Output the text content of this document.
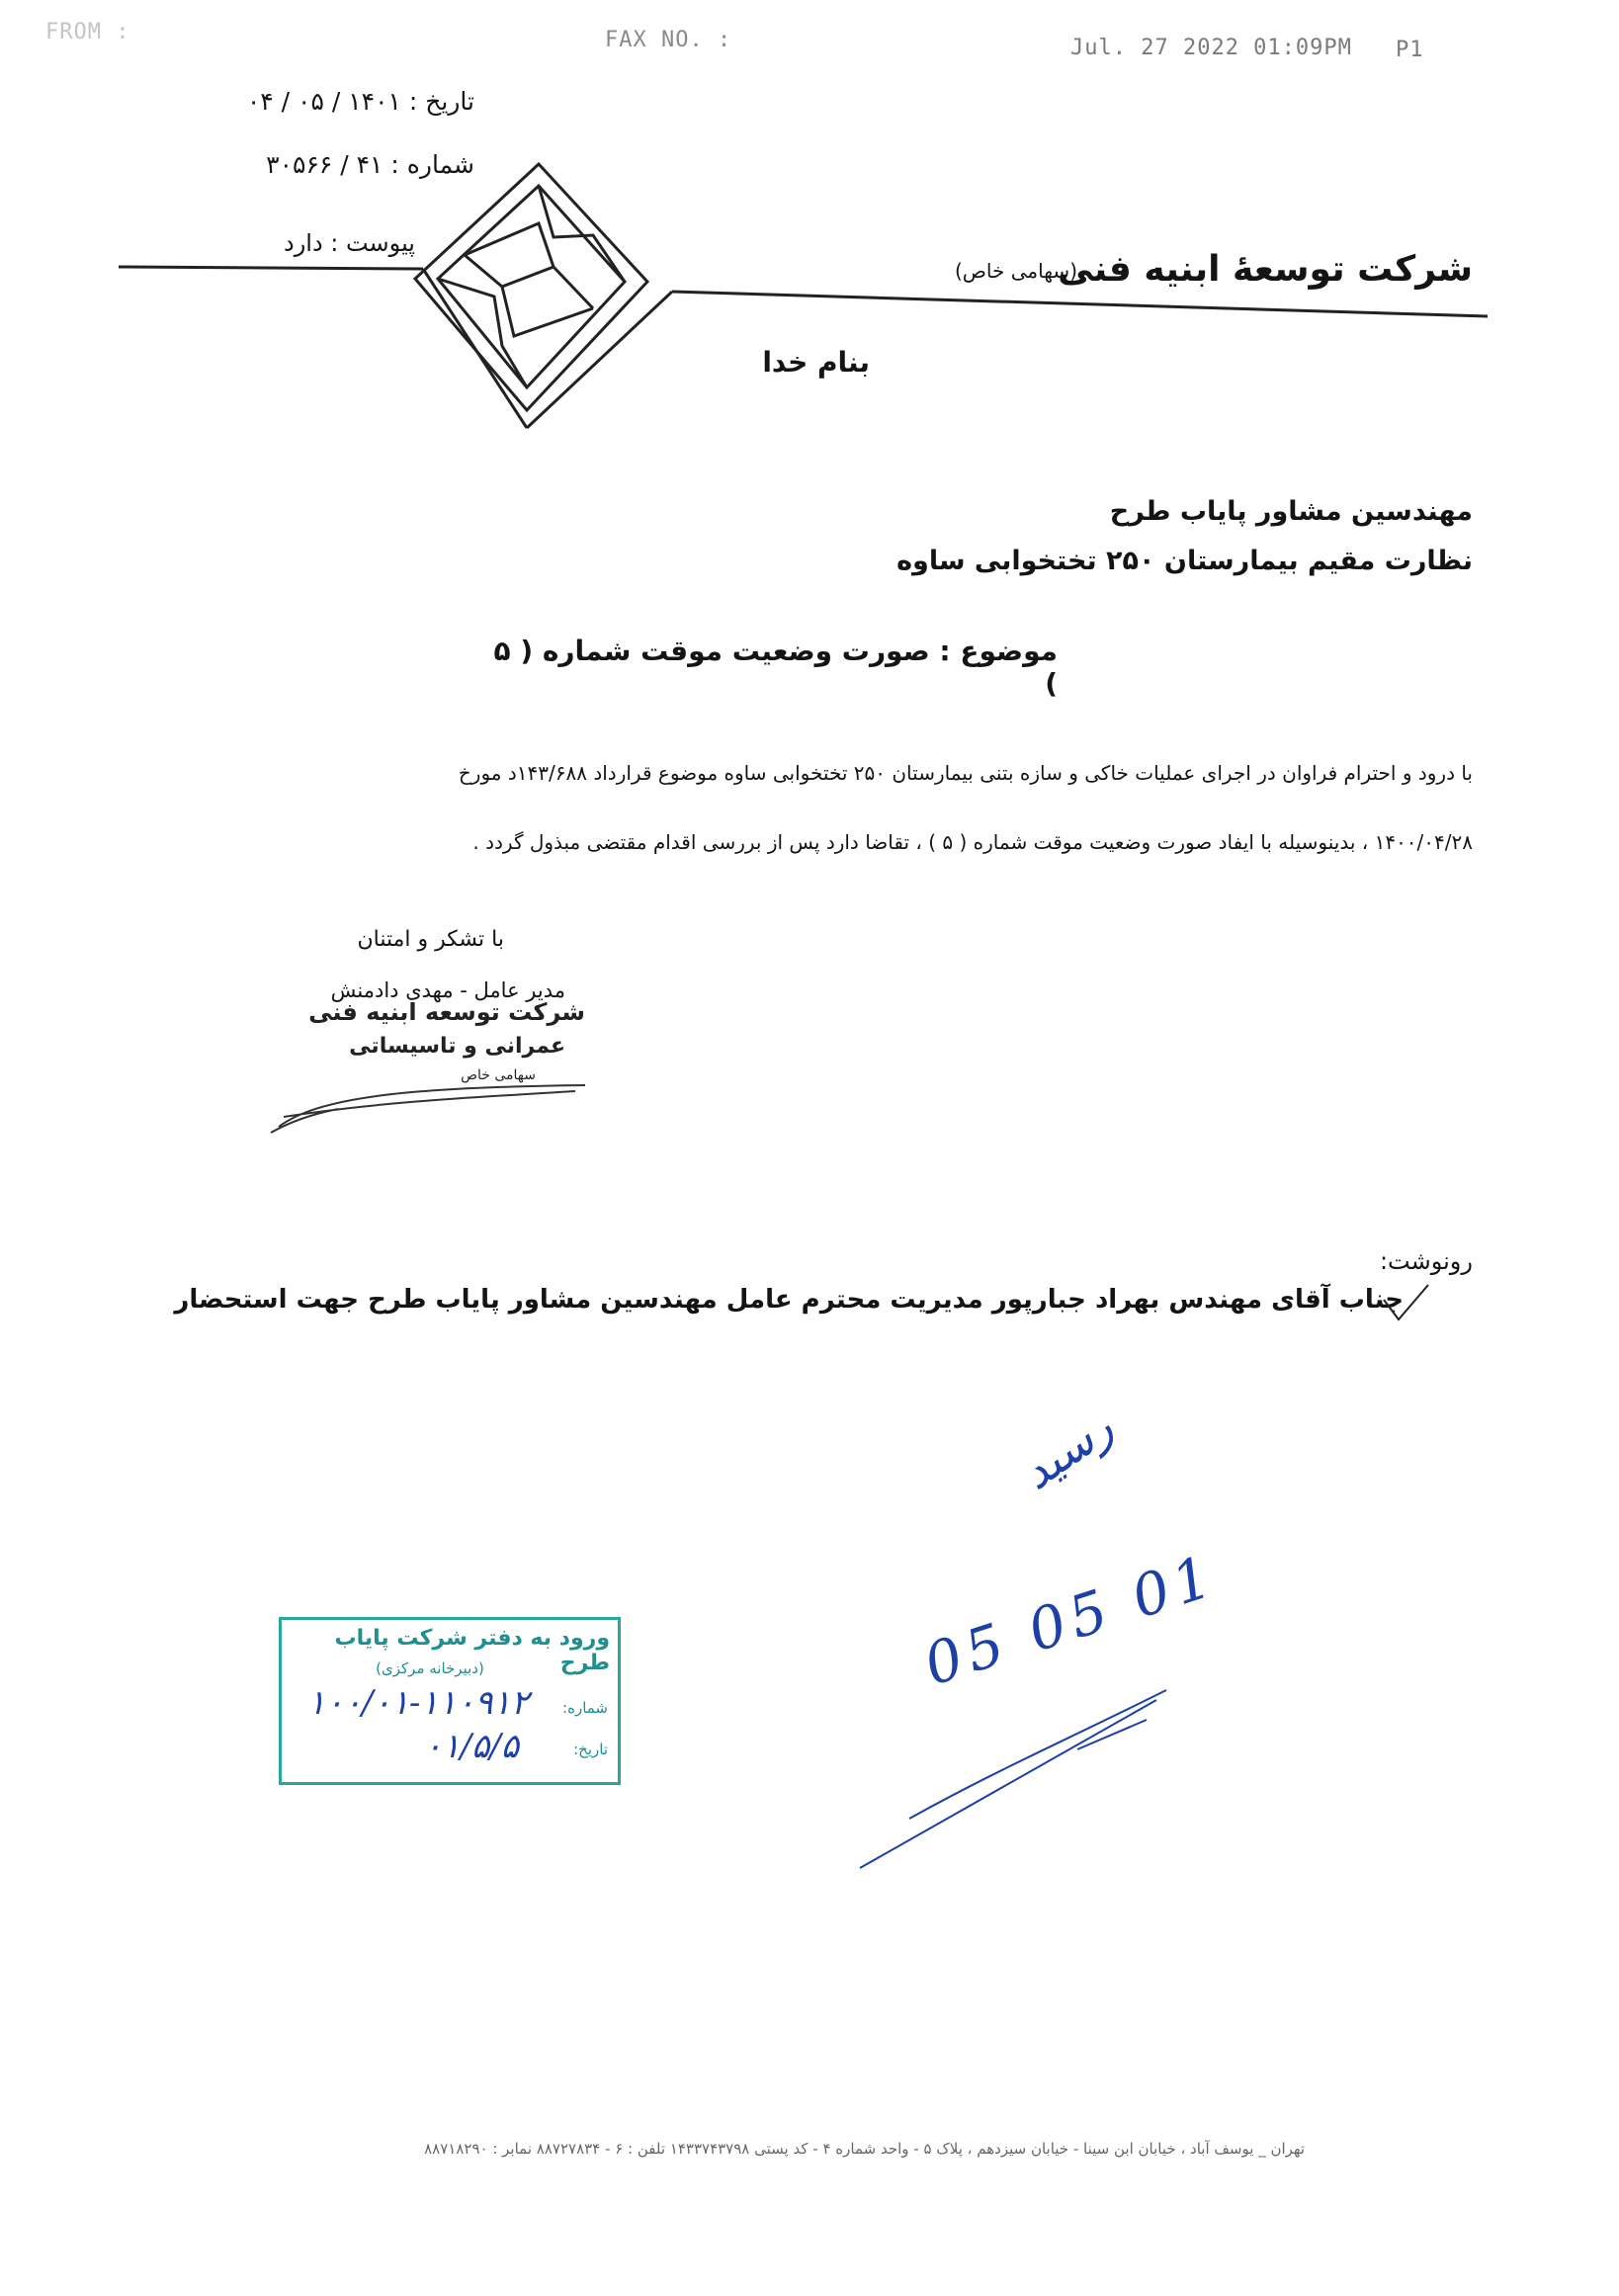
FROM :	FAX NO. :	Jul. 27 2022 01:09PM P1
تاریخ : ۱۴۰۱ / ۰۵ / ۰۴
شماره : ۴۱ / ۳۰۵۶۶
پیوست : دارد
شرکت توسعهٔ ابنیه فنی
(سهامی خاص)
بنام خدا
مهندسین مشاور پایاب طرح
نظارت مقیم بیمارستان ۲۵۰ تختخوابی ساوه
موضوع : صورت وضعیت موقت شماره ( ۵ )
با درود و احترام فراوان در اجرای عملیات خاکی و سازه بتنی بیمارستان ۲۵۰ تختخوابی ساوه موضوع قرارداد ۱۴۳/۶۸۸د مورخ
۱۴۰۰/۰۴/۲۸ ، بدینوسیله با ایفاد صورت وضعیت موقت شماره ( ۵ ) ، تقاضا دارد پس از بررسی اقدام مقتضی مبذول گردد .
با تشکر و امتنان
مدیر عامل - مهدی دادمنش
شرکت توسعه ابنیه فنی
عمرانی و تاسیساتی
سهامی خاص
رونوشت:
جناب آقای مهندس بهراد جبارپور مدیریت محترم عامل مهندسین مشاور پایاب طرح جهت استحضار
رسید
05 05 01
ورود به دفتر شرکت پایاب طرح
(دبیرخانه مرکزی)
شماره:
۱۰۰/۰۱-۱۱۰۹۱۲
تاریخ:
۰۱/۵/۵
تهران _ یوسف آباد ، خیابان ابن سینا - خیابان سیزدهم ، پلاک ۵ - واحد شماره ۴ - کد پستی ۱۴۳۳۷۴۳۷۹۸ تلفن : ۶ - ۸۸۷۲۷۸۳۴ نمابر : ۸۸۷۱۸۲۹۰
